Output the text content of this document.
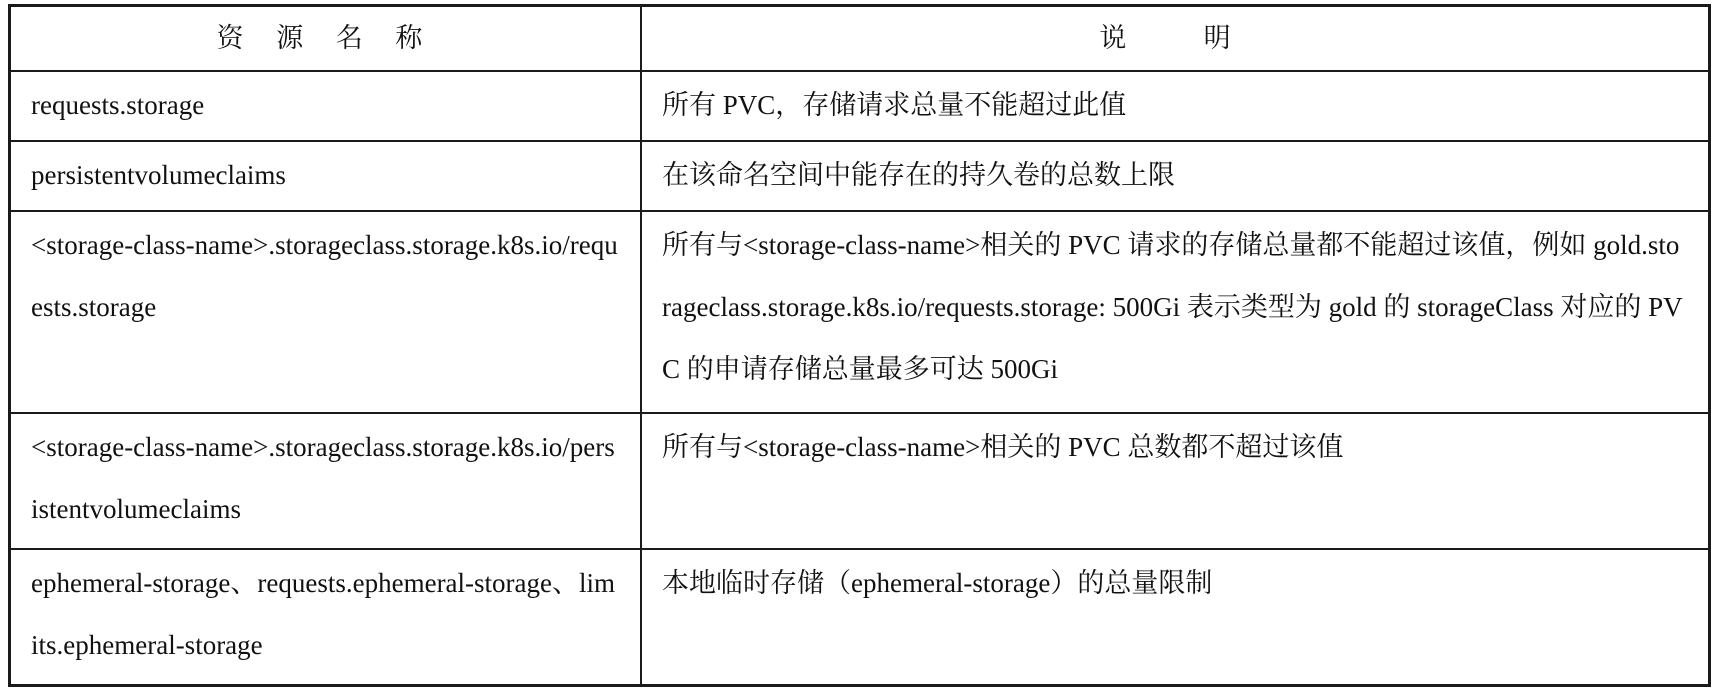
资 源 名 称	说  明

requests.storage	所有 PVC，存储请求总量不能超过此值

persistentvolumeclaims	在该命名空间中能存在的持久卷的总数上限

<storage-class-name>.storageclass.storage.k8s.io/requests.storage	所有与<storage-class-name>相关的 PVC 请求的存储总量都不能超过该值，例如 gold.storageclass.storage.k8s.io/requests.storage: 500Gi 表示类型为 gold 的 storageClass 对应的 PVC 的申请存储总量最多可达 500Gi

<storage-class-name>.storageclass.storage.k8s.io/persistentvolumeclaims	所有与<storage-class-name>相关的 PVC 总数都不超过该值

ephemeral-storage、requests.ephemeral-storage、limits.ephemeral-storage	本地临时存储（ephemeral-storage）的总量限制
